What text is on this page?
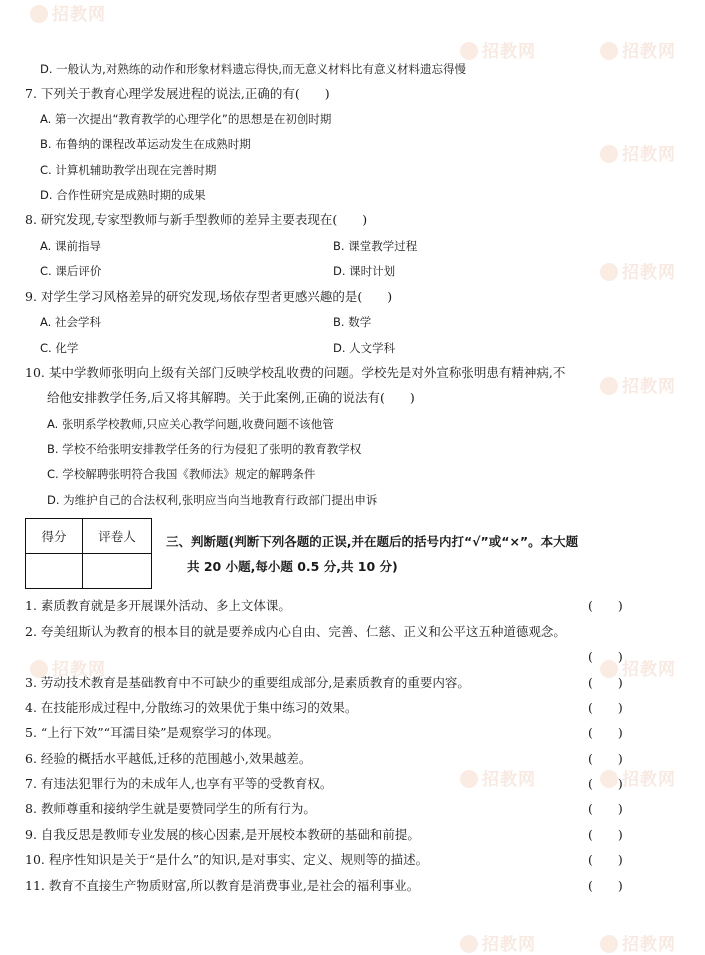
招教网
招教网	招教网
招教网
招教网
招教网
招教网	招教网
招教网	招教网
招教网	招教网
D. 一般认为,对熟练的动作和形象材料遗忘得快,而无意义材料比有意义材料遗忘得慢
7. 下列关于教育心理学发展进程的说法,正确的有(　　)
A. 第一次提出“教育教学的心理学化”的思想是在初创时期
B. 布鲁纳的课程改革运动发生在成熟时期
C. 计算机辅助教学出现在完善时期
D. 合作性研究是成熟时期的成果
8. 研究发现,专家型教师与新手型教师的差异主要表现在(　　)
A. 课前指导	B. 课堂教学过程
C. 课后评价	D. 课时计划
9. 对学生学习风格差异的研究发现,场依存型者更感兴趣的是(　　)
A. 社会学科	B. 数学
C. 化学	D. 人文学科
10. 某中学教师张明向上级有关部门反映学校乱收费的问题。学校先是对外宣称张明患有精神病,不
给他安排教学任务,后又将其解聘。关于此案例,正确的说法有(　　)
A. 张明系学校教师,只应关心教学问题,收费问题不该他管
B. 学校不给张明安排教学任务的行为侵犯了张明的教育教学权
C. 学校解聘张明符合我国《教师法》规定的解聘条件
D. 为维护自己的合法权利,张明应当向当地教育行政部门提出申诉
得分	评卷人
	三、判断题(判断下列各题的正误,并在题后的括号内打“√”或“×”。本大题
共 20 小题,每小题 0.5 分,共 10 分)
1. 素质教育就是多开展课外活动、多上文体课。	(　　)
2. 夸美纽斯认为教育的根本目的就是要养成内心自由、完善、仁慈、正义和公平这五种道德观念。
(　　)
3. 劳动技术教育是基础教育中不可缺少的重要组成部分,是素质教育的重要内容。	(　　)
4. 在技能形成过程中,分散练习的效果优于集中练习的效果。	(　　)
5. “上行下效”“耳濡目染”是观察学习的体现。	(　　)
6. 经验的概括水平越低,迁移的范围越小,效果越差。	(　　)
7. 有违法犯罪行为的未成年人,也享有平等的受教育权。	(　　)
8. 教师尊重和接纳学生就是要赞同学生的所有行为。	(　　)
9. 自我反思是教师专业发展的核心因素,是开展校本教研的基础和前提。	(　　)
10. 程序性知识是关于“是什么”的知识,是对事实、定义、规则等的描述。	(　　)
11. 教育不直接生产物质财富,所以教育是消费事业,是社会的福利事业。	(　　)
